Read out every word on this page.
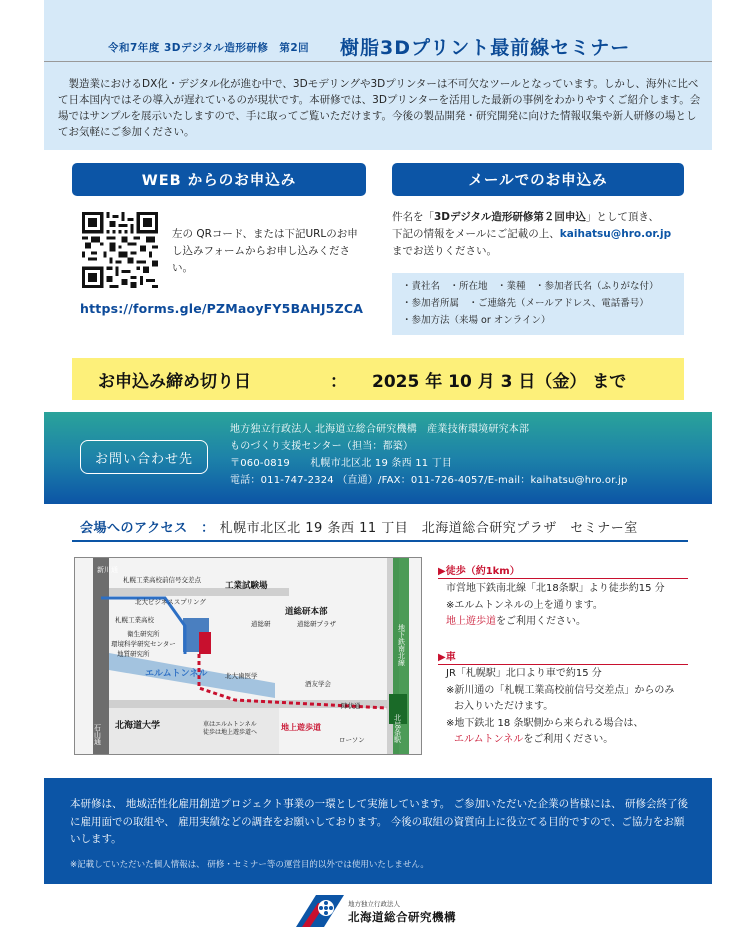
令和7年度 3Dデジタル造形研修　第2回 樹脂3Dプリント最前線セミナー

製造業におけるDX化・デジタル化が進む中で、3Dモデリングや3Dプリンターは不可欠なツールとなっています。しかし、海外に比べて日本国内ではその導入が遅れているのが現状です。本研修では、3Dプリンターを活用した最新の事例をわかりやすくご紹介します。会場ではサンプルを展示いたしますので、手に取ってご覧いただけます。今後の製品開発・研究開発に向けた情報収集や新人研修の場としてお気軽にご参加ください。

WEB からのお申込み	メールでのお申込み

左の QRコード、または下記URLのお申し込みフォームからお申し込みください。

https://forms.gle/PZMaoyFY5BAHJ5ZCA
件名を「3Dデジタル造形研修第２回申込」として頂き、
下記の情報をメールにご記載の上、kaihatsu@hro.or.jp
までお送りください。
・責社名　・所在地　・業種　・参加者氏名（ふりがな付）
・参加者所属　・ご連絡先（メールアドレス、電話番号）
・参加方法（来場 or オンライン）
お申込み締め切り日	： 2025 年 10 月 3 日（金） まで
お問い合わせ先
地方独立行政法人 北海道立総合研究機構　産業技術環境研究本部
ものづくり支援センター（担当：都築）
〒060-0819　　札幌市北区北 19 条西 11 丁目
電話：011-747-2324 （直通）/FAX：011-726-4057/E-mail：kaihatsu@hro.or.jp
会場へのアクセス　： 札幌市北区北 19 条西 11 丁目　北海道総合研究プラザ　セミナー室
新川通
札幌工業高校前信号交差点
北大ビジネススプリング
札幌工業高校
衛生研究所
環境科学研究センター
地質研究所
工業試験場
道総研本部
道総研	道総研プラザ
北大歯医学
酒友学会
エルムトンネル
北海道大学	車はエルムトンネル
徒歩は地上遊歩道へ
地上遊歩道
ローソン
陣状通
北18条駅
地下鉄南北線
石山通
▶徒歩（約1km）
市営地下鉄南北線「北18条駅」より徒歩約15 分
※エルムトンネルの上を通ります。
地上遊歩道をご利用ください。
▶車
JR「札幌駅」北口より車で約15 分
※新川通の「札幌工業高校前信号交差点」からのみ
お入りいただけます。
※地下鉄北 18 条駅側から来られる場合は、
エルムトンネルをご利用ください。

本研修は、 地域活性化雇用創造プロジェクト事業の一環として実施しています。 ご参加いただいた企業の皆様には、 研修会終了後に雇用面での取組や、 雇用実績などの調査をお願いしております。 今後の取組の資質向上に役立てる目的ですので、ご協力をお願いします。

※記載していただいた個人情報は、 研修・セミナー等の運営目的以外では使用いたしません。

地方独立行政法人
北海道総合研究機構
